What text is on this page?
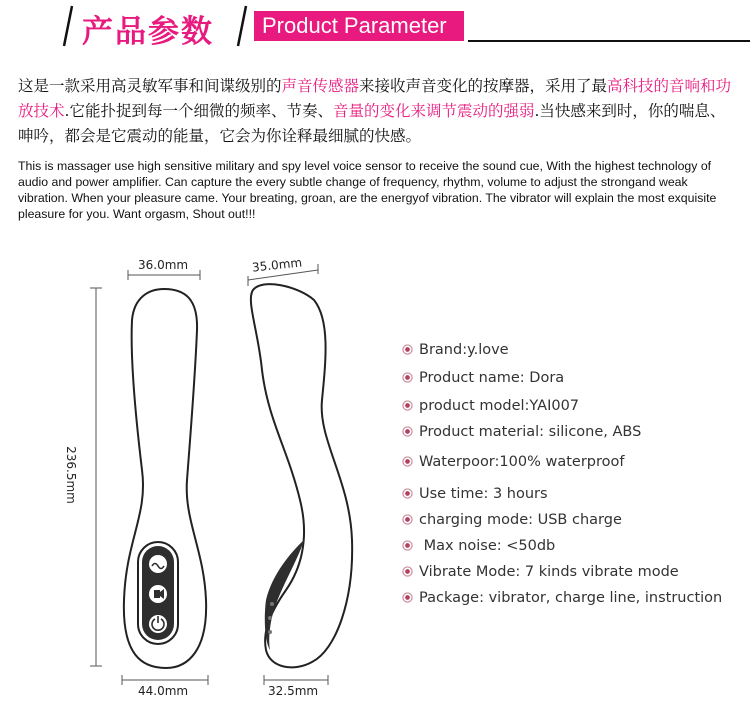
产品参数	Product Parameter
这是一款采用高灵敏军事和间谍级别的声音传感器来接收声音变化的按摩器，采用了最高科技的音响和功放技术.它能扑捉到每一个细微的频率、节奏、音量的变化来调节震动的强弱.当快感来到时，你的喘息、呻吟，都会是它震动的能量，它会为你诠释最细腻的快感。
This is massager use high sensitive military and spy level voice sensor to receive the sound cue, With the highest technology of audio and power amplifier. Can capture the every subtle change of frequency, rhythm, volume to adjust the strongand weak vibration. When your pleasure came. Your breating, groan, are the energyof vibration. The vibrator will explain the most exquisite pleasure for you. Want orgasm, Shout out!!!
36.0mm	35.0mm
236.5mm
44.0mm	32.5mm
Brand:y.love
Product name: Dora
product model:YAI007
Product material: silicone, ABS
Waterpoor:100% waterproof
Use time: 3 hours
charging mode: USB charge
Max noise: <50db
Vibrate Mode: 7 kinds vibrate mode
Package: vibrator, charge line, instruction
